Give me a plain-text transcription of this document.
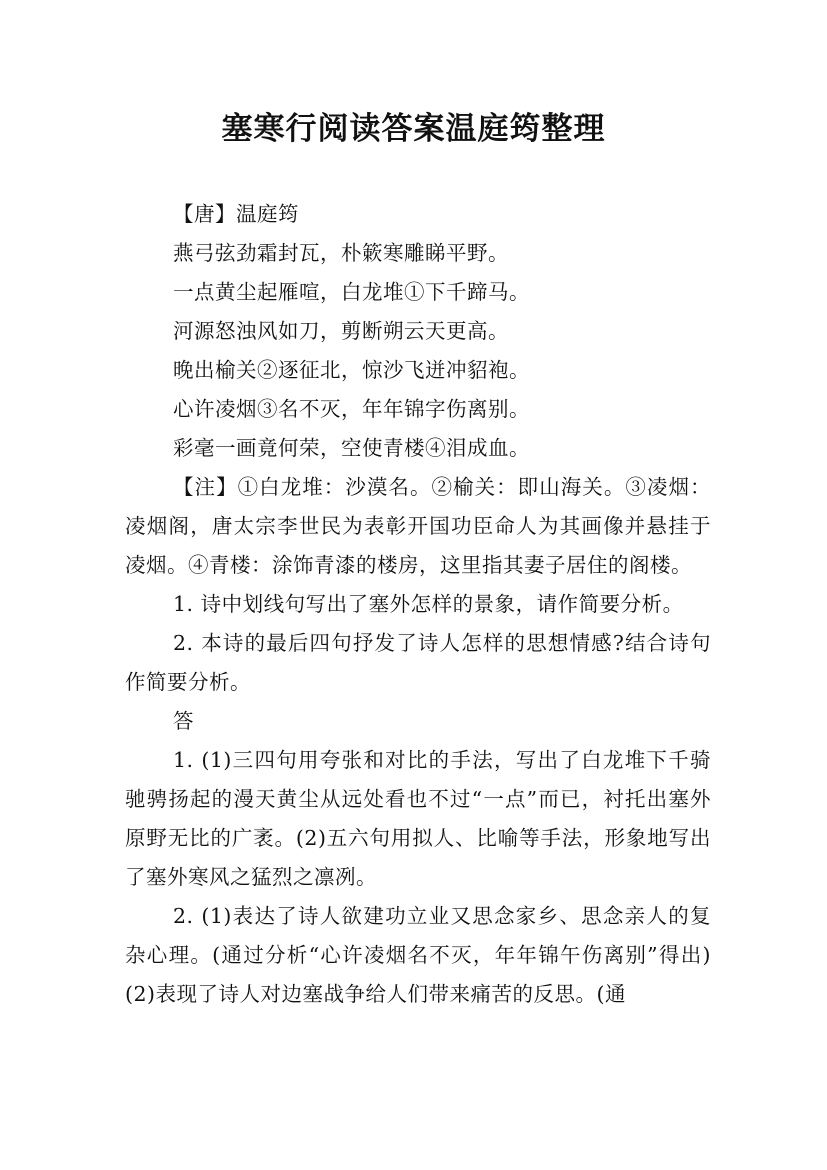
塞寒行阅读答案温庭筠整理
【唐】温庭筠
燕弓弦劲霜封瓦，朴簌寒雕睇平野。
一点黄尘起雁喧，白龙堆①下千蹄马。
河源怒浊风如刀，剪断朔云天更高。
晚出榆关②逐征北，惊沙飞迸冲貂袍。
心许凌烟③名不灭，年年锦字伤离别。
彩毫一画竟何荣，空使青楼④泪成血。
【注】①白龙堆：沙漠名。②榆关：即山海关。③凌烟：凌烟阁，唐太宗李世民为表彰开国功臣命人为其画像并悬挂于凌烟。④青楼：涂饰青漆的楼房，这里指其妻子居住的阁楼。
1. 诗中划线句写出了塞外怎样的景象，请作简要分析。
2. 本诗的最后四句抒发了诗人怎样的思想情感?结合诗句作简要分析。
答
1. (1)三四句用夸张和对比的手法，写出了白龙堆下千骑驰骋扬起的漫天黄尘从远处看也不过“一点”而已，衬托出塞外原野无比的广袤。(2)五六句用拟人、比喻等手法，形象地写出了塞外寒风之猛烈之凛冽。
2. (1)表达了诗人欲建功立业又思念家乡、思念亲人的复杂心理。(通过分析“心许凌烟名不灭，年年锦午伤离别”得出)(2)表现了诗人对边塞战争给人们带来痛苦的反思。(通
